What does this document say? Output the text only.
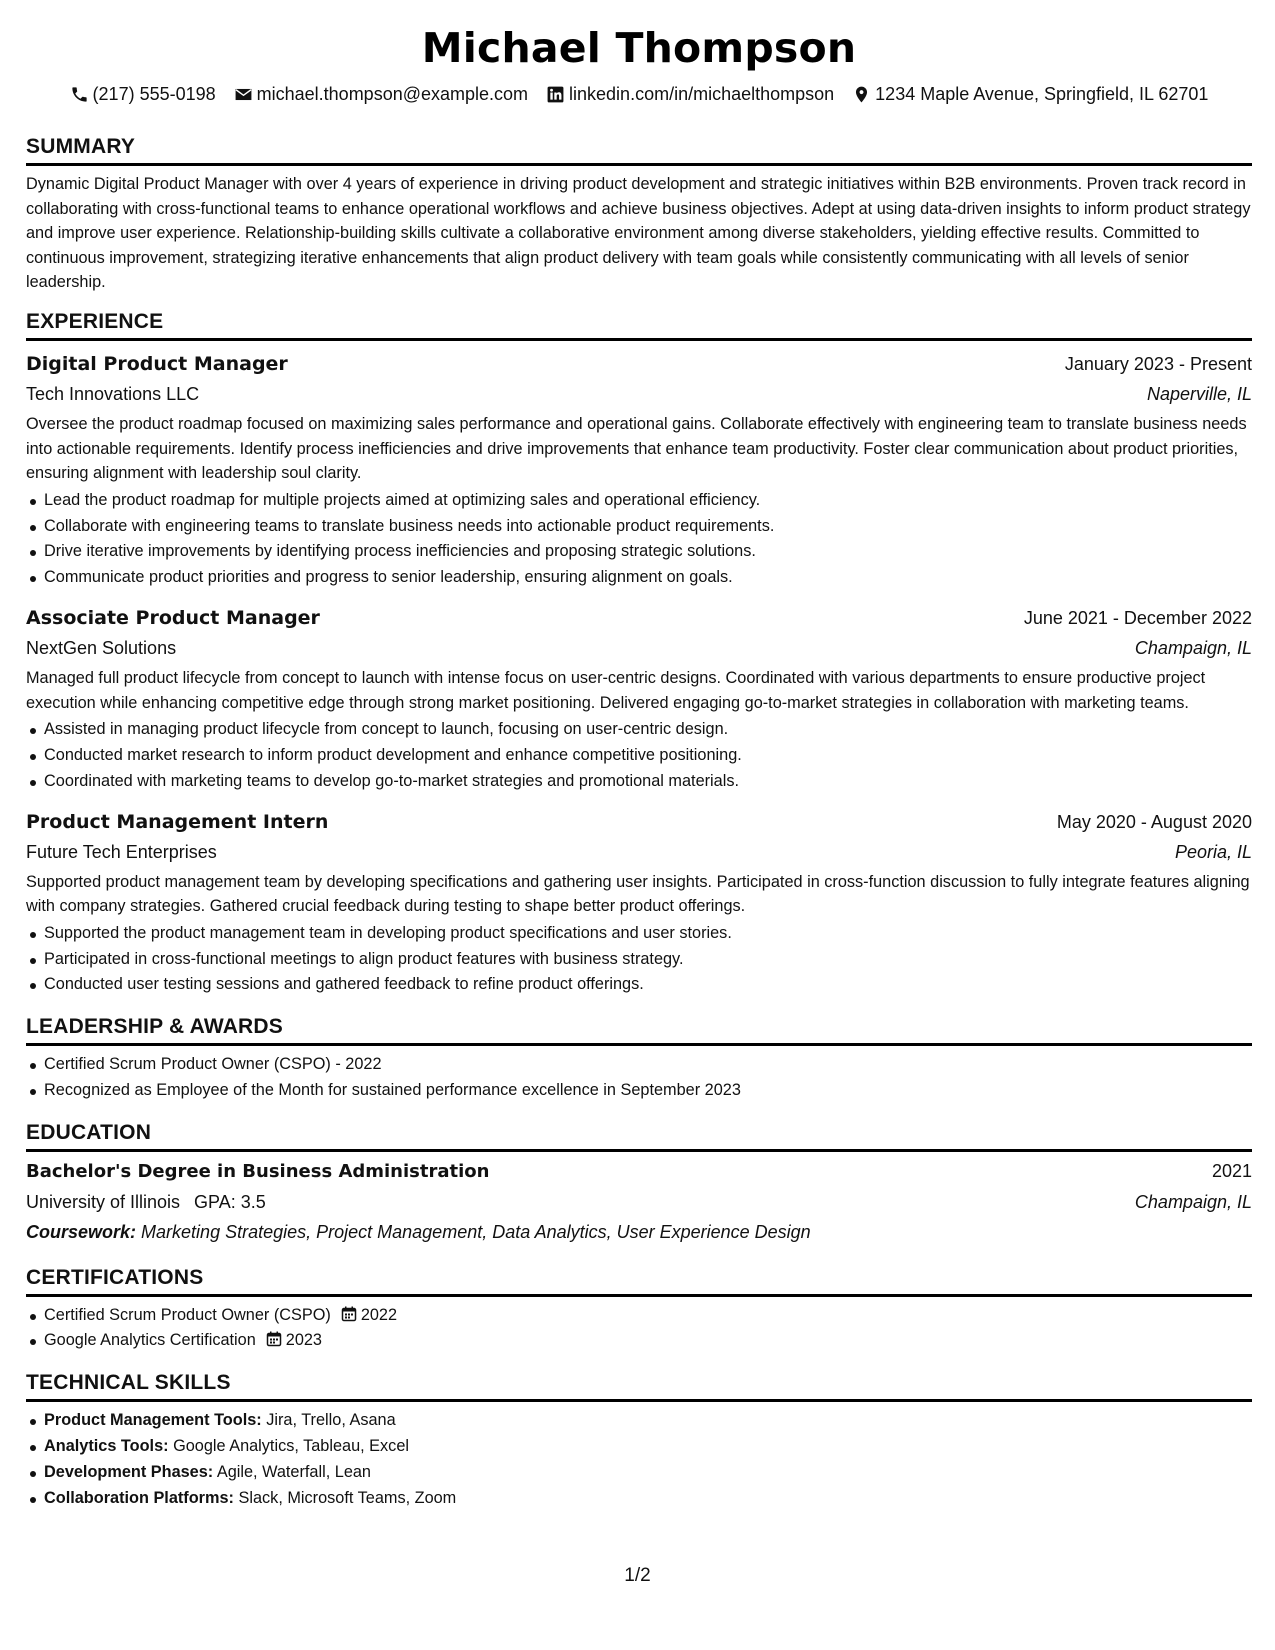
Michael Thompson
(217) 555-0198 michael.thompson@example.com linkedin.com/in/michaelthompson 1234 Maple Avenue, Springfield, IL 62701
SUMMARY

Dynamic Digital Product Manager with over 4 years of experience in driving product development and strategic initiatives within B2B environments. Proven track record in collaborating with cross-functional teams to enhance operational workflows and achieve business objectives. Adept at using data-driven insights to inform product strategy and improve user experience. Relationship-building skills cultivate a collaborative environment among diverse stakeholders, yielding effective results. Committed to continuous improvement, strategizing iterative enhancements that align product delivery with team goals while consistently communicating with all levels of senior leadership.

EXPERIENCE
Digital Product Manager	January 2023 - Present
Tech Innovations LLC	Naperville, IL

Oversee the product roadmap focused on maximizing sales performance and operational gains. Collaborate effectively with engineering team to translate business needs into actionable requirements. Identify process inefficiencies and drive improvements that enhance team productivity. Foster clear communication about product priorities, ensuring alignment with leadership soul clarity.

Lead the product roadmap for multiple projects aimed at optimizing sales and operational efficiency.
Collaborate with engineering teams to translate business needs into actionable product requirements.
Drive iterative improvements by identifying process inefficiencies and proposing strategic solutions.
Communicate product priorities and progress to senior leadership, ensuring alignment on goals.
Associate Product Manager	June 2021 - December 2022
NextGen Solutions	Champaign, IL

Managed full product lifecycle from concept to launch with intense focus on user-centric designs. Coordinated with various departments to ensure productive project execution while enhancing competitive edge through strong market positioning. Delivered engaging go-to-market strategies in collaboration with marketing teams.

Assisted in managing product lifecycle from concept to launch, focusing on user-centric design.
Conducted market research to inform product development and enhance competitive positioning.
Coordinated with marketing teams to develop go-to-market strategies and promotional materials.
Product Management Intern	May 2020 - August 2020
Future Tech Enterprises	Peoria, IL

Supported product management team by developing specifications and gathering user insights. Participated in cross-function discussion to fully integrate features aligning with company strategies. Gathered crucial feedback during testing to shape better product offerings.

Supported the product management team in developing product specifications and user stories.
Participated in cross-functional meetings to align product features with business strategy.
Conducted user testing sessions and gathered feedback to refine product offerings.
LEADERSHIP & AWARDS
Certified Scrum Product Owner (CSPO) - 2022
Recognized as Employee of the Month for sustained performance excellence in September 2023
EDUCATION
Bachelor's Degree in Business Administration	2021
University of Illinois GPA: 3.5	Champaign, IL
Coursework: Marketing Strategies, Project Management, Data Analytics, User Experience Design
CERTIFICATIONS
Certified Scrum Product Owner (CSPO) 2022
Google Analytics Certification 2023
TECHNICAL SKILLS
Product Management Tools: Jira, Trello, Asana
Analytics Tools: Google Analytics, Tableau, Excel
Development Phases: Agile, Waterfall, Lean
Collaboration Platforms: Slack, Microsoft Teams, Zoom
1/2
